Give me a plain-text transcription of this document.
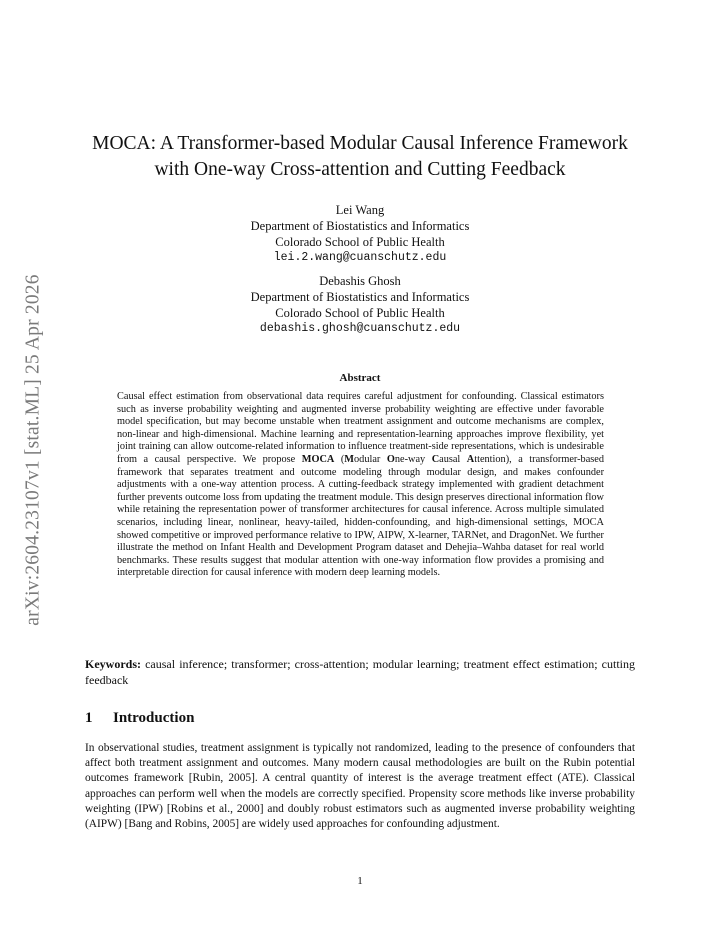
arXiv:2604.23107v1 [stat.ML] 25 Apr 2026
MOCA: A Transformer-based Modular Causal Inference Framework
with One-way Cross-attention and Cutting Feedback
Lei Wang
Department of Biostatistics and Informatics
Colorado School of Public Health
lei.2.wang@cuanschutz.edu
Debashis Ghosh
Department of Biostatistics and Informatics
Colorado School of Public Health
debashis.ghosh@cuanschutz.edu
Abstract

Causal effect estimation from observational data requires careful adjustment for confounding. Classical estimators such as inverse probability weighting and augmented inverse probability weighting are effective under favorable model specification, but may become unstable when treatment assignment and outcome mechanisms are complex, non-linear and high-dimensional. Machine learning and representation-learning approaches improve flexibility, yet joint training can allow outcome-related information to influence treatment-side representations, which is undesirable from a causal perspective. We propose MOCA (Modular One-way Causal Attention), a transformer-based framework that separates treatment and outcome modeling through modular design, and makes confounder adjustments with a one-way attention process. A cutting-feedback strategy implemented with gradient detachment further prevents outcome loss from updating the treatment module. This design preserves directional information flow while retaining the representation power of transformer architectures for causal inference. Across multiple simulated scenarios, including linear, nonlinear, heavy-tailed, hidden-confounding, and high-dimensional settings, MOCA showed competitive or improved performance relative to IPW, AIPW, X-learner, TARNet, and DragonNet. We further illustrate the method on Infant Health and Development Program dataset and Dehejia–Wahba dataset for real world benchmarks. These results suggest that modular attention with one-way information flow provides a promising and interpretable direction for causal inference with modern deep learning models.

Keywords: causal inference; transformer; cross-attention; modular learning; treatment effect estimation; cutting feedback

1 Introduction

In observational studies, treatment assignment is typically not randomized, leading to the presence of confounders that affect both treatment assignment and outcomes. Many modern causal methodologies are built on the Rubin potential outcomes framework [Rubin, 2005]. A central quantity of interest is the average treatment effect (ATE). Classical approaches can perform well when the models are correctly specified. Propensity score methods like inverse probability weighting (IPW) [Robins et al., 2000] and doubly robust estimators such as augmented inverse probability weighting (AIPW) [Bang and Robins, 2005] are widely used approaches for confounding adjustment.

1
